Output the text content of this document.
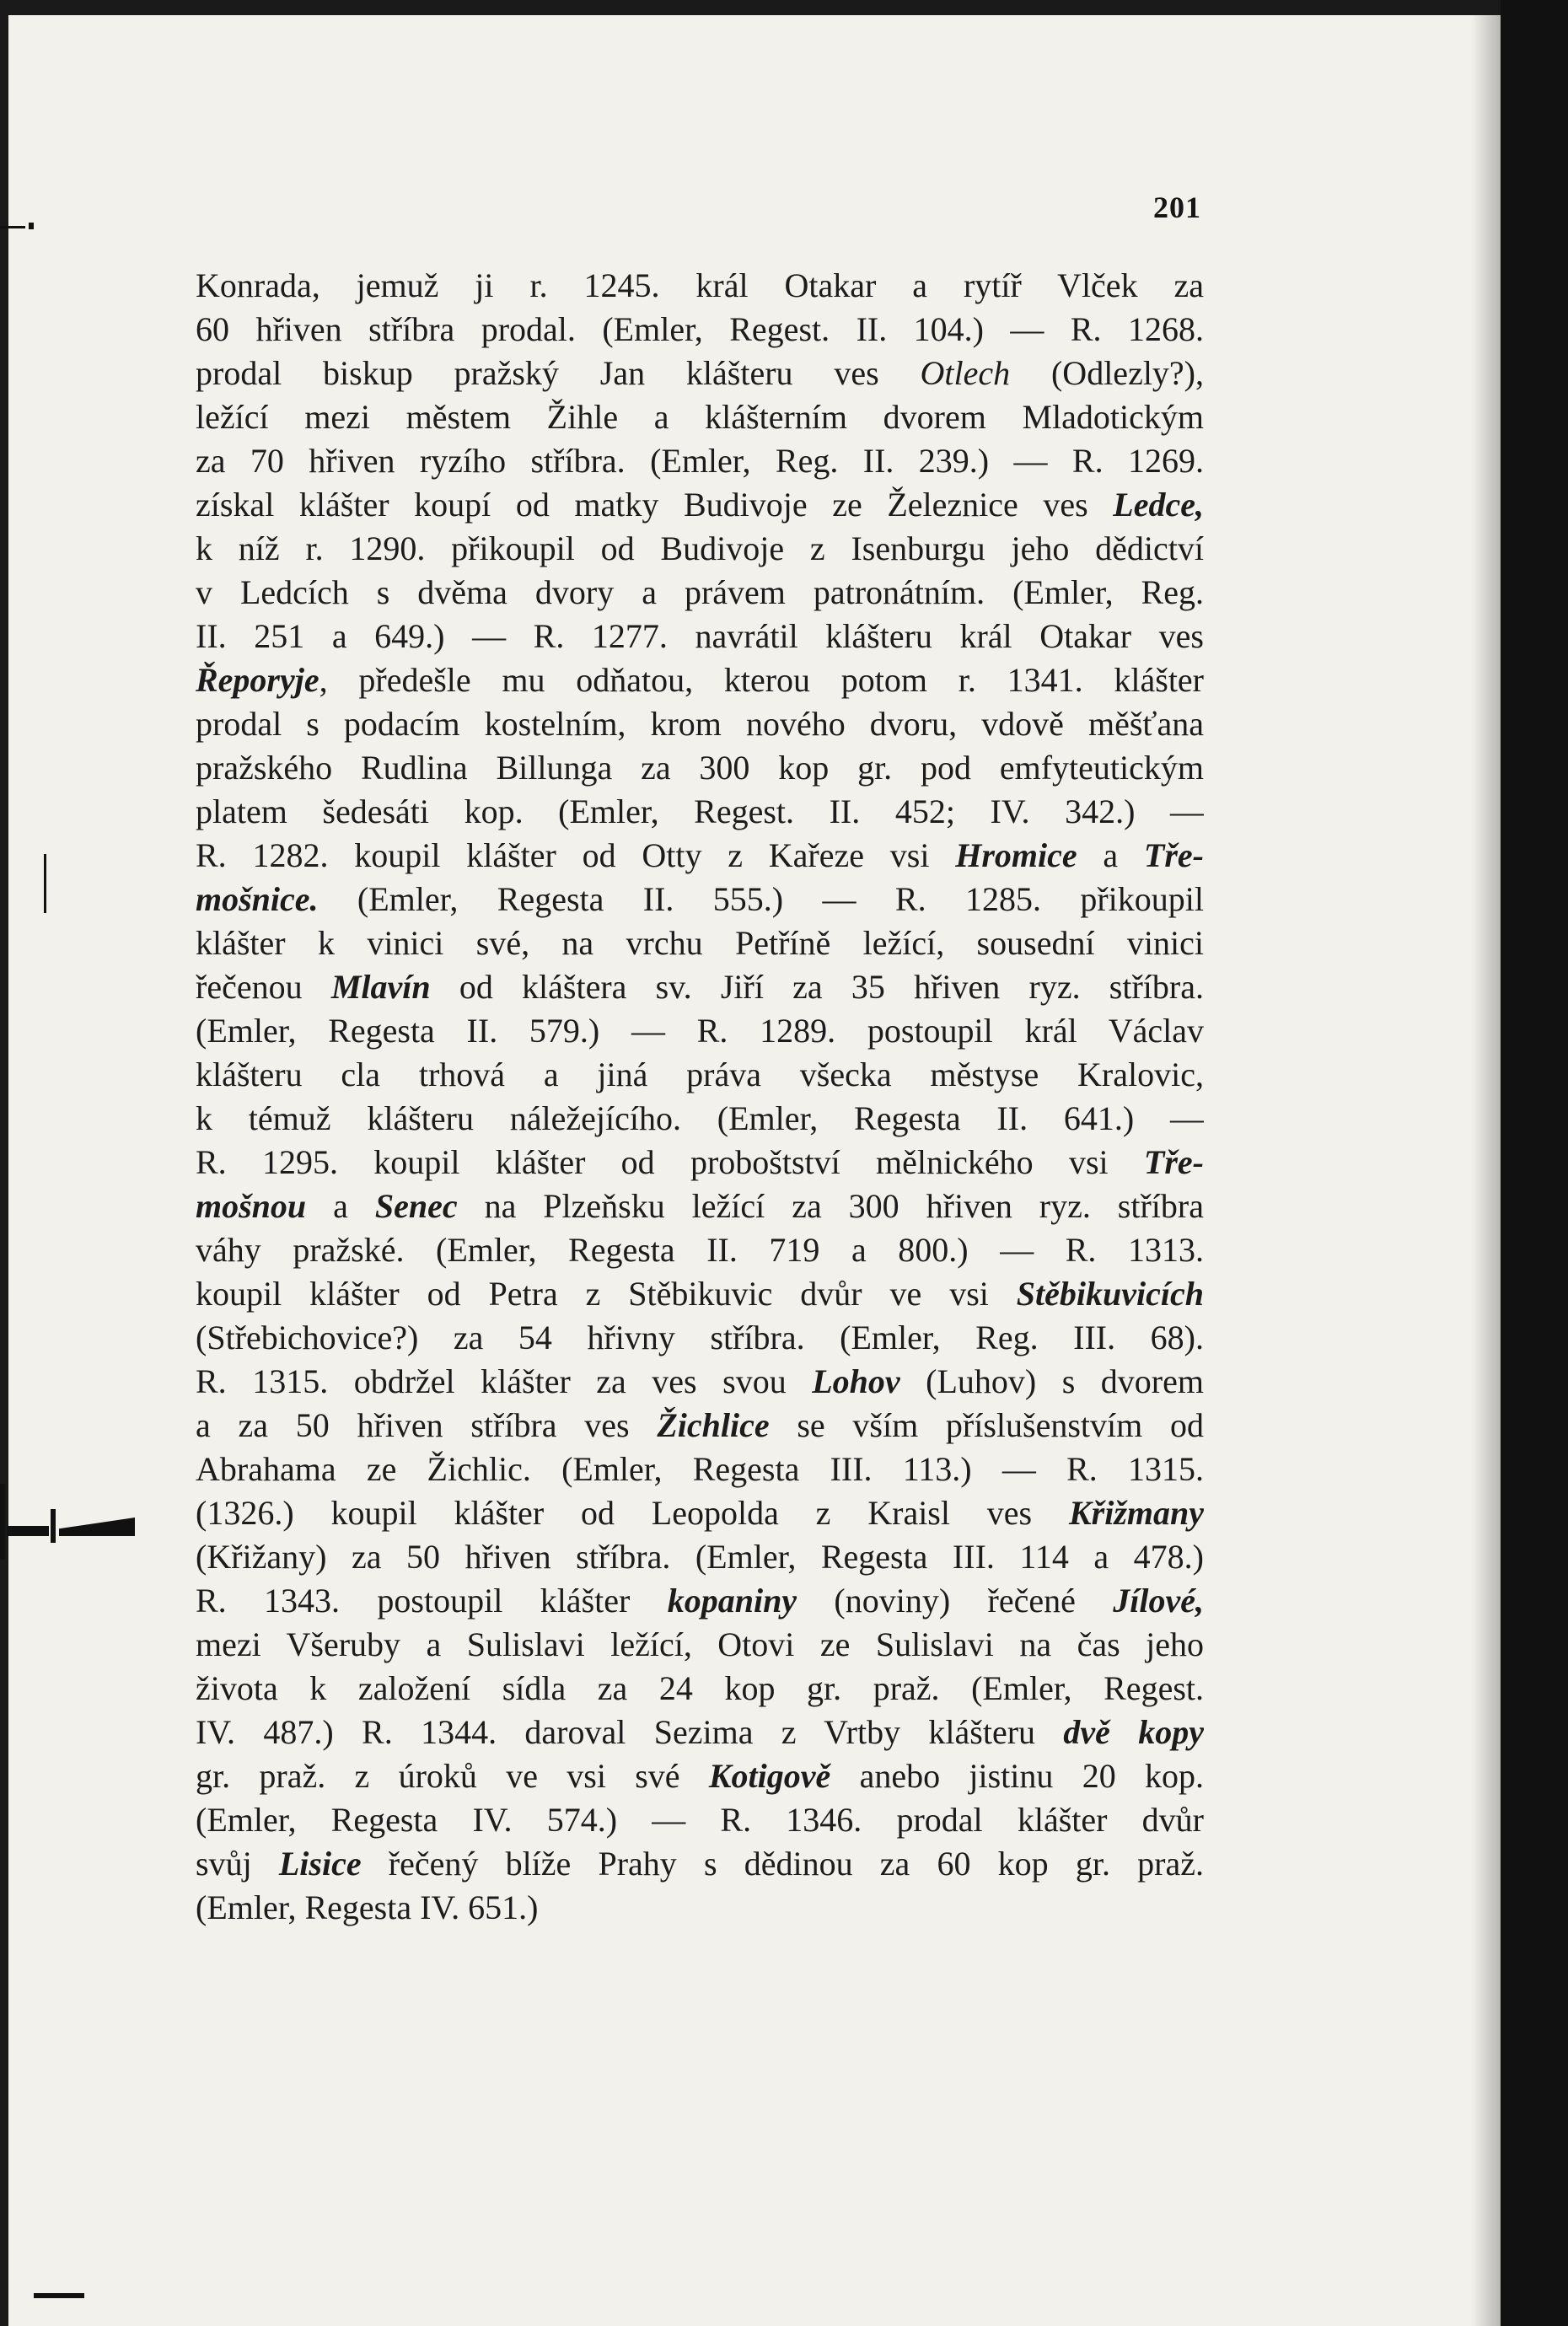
201
Konrada, jemuž ji r. 1245. král Otakar a rytíř Vlček za
60 hřiven stříbra prodal. (Emler, Regest. II. 104.) — R. 1268.
prodal biskup pražský Jan klášteru ves Otlech (Odlezly?),
ležící mezi městem Žihle a klášterním dvorem Mladotickým
za 70 hřiven ryzího stříbra. (Emler, Reg. II. 239.) — R. 1269.
získal klášter koupí od matky Budivoje ze Železnice ves Ledce,
k níž r. 1290. přikoupil od Budivoje z Isenburgu jeho dědictví
v Ledcích s dvěma dvory a právem patronátním. (Emler, Reg.
II. 251 a 649.) — R. 1277. navrátil klášteru král Otakar ves
Řeporyje, předešle mu odňatou, kterou potom r. 1341. klášter
prodal s podacím kostelním, krom nového dvoru, vdově měšťana
pražského Rudlina Billunga za 300 kop gr. pod emfyteutickým
platem šedesáti kop. (Emler, Regest. II. 452; IV. 342.) —
R. 1282. koupil klášter od Otty z Kařeze vsi Hromice a Tře-
mošnice. (Emler, Regesta II. 555.) — R. 1285. přikoupil
klášter k vinici své, na vrchu Petříně ležící, sousední vinici
řečenou Mlavín od kláštera sv. Jiří za 35 hřiven ryz. stříbra.
(Emler, Regesta II. 579.) — R. 1289. postoupil král Václav
klášteru cla trhová a jiná práva všecka městyse Kralovic,
k témuž klášteru náležejícího. (Emler, Regesta II. 641.) —
R. 1295. koupil klášter od proboštství mělnického vsi Tře-
mošnou a Senec na Plzeňsku ležící za 300 hřiven ryz. stříbra
váhy pražské. (Emler, Regesta II. 719 a 800.) — R. 1313.
koupil klášter od Petra z Stěbikuvic dvůr ve vsi Stěbikuvicích
(Střebichovice?) za 54 hřivny stříbra. (Emler, Reg. III. 68).
R. 1315. obdržel klášter za ves svou Lohov (Luhov) s dvorem
a za 50 hřiven stříbra ves Žichlice se vším příslušenstvím od
Abrahama ze Žichlic. (Emler, Regesta III. 113.) — R. 1315.
(1326.) koupil klášter od Leopolda z Kraisl ves Křižmany
(Křižany) za 50 hřiven stříbra. (Emler, Regesta III. 114 a 478.)
R. 1343. postoupil klášter kopaniny (noviny) řečené Jílové,
mezi Všeruby a Sulislavi ležící, Otovi ze Sulislavi na čas jeho
života k založení sídla za 24 kop gr. praž. (Emler, Regest.
IV. 487.) R. 1344. daroval Sezima z Vrtby klášteru dvě kopy
gr. praž. z úroků ve vsi své Kotigově anebo jistinu 20 kop.
(Emler, Regesta IV. 574.) — R. 1346. prodal klášter dvůr
svůj Lisice řečený blíže Prahy s dědinou za 60 kop gr. praž.
(Emler, Regesta IV. 651.)
